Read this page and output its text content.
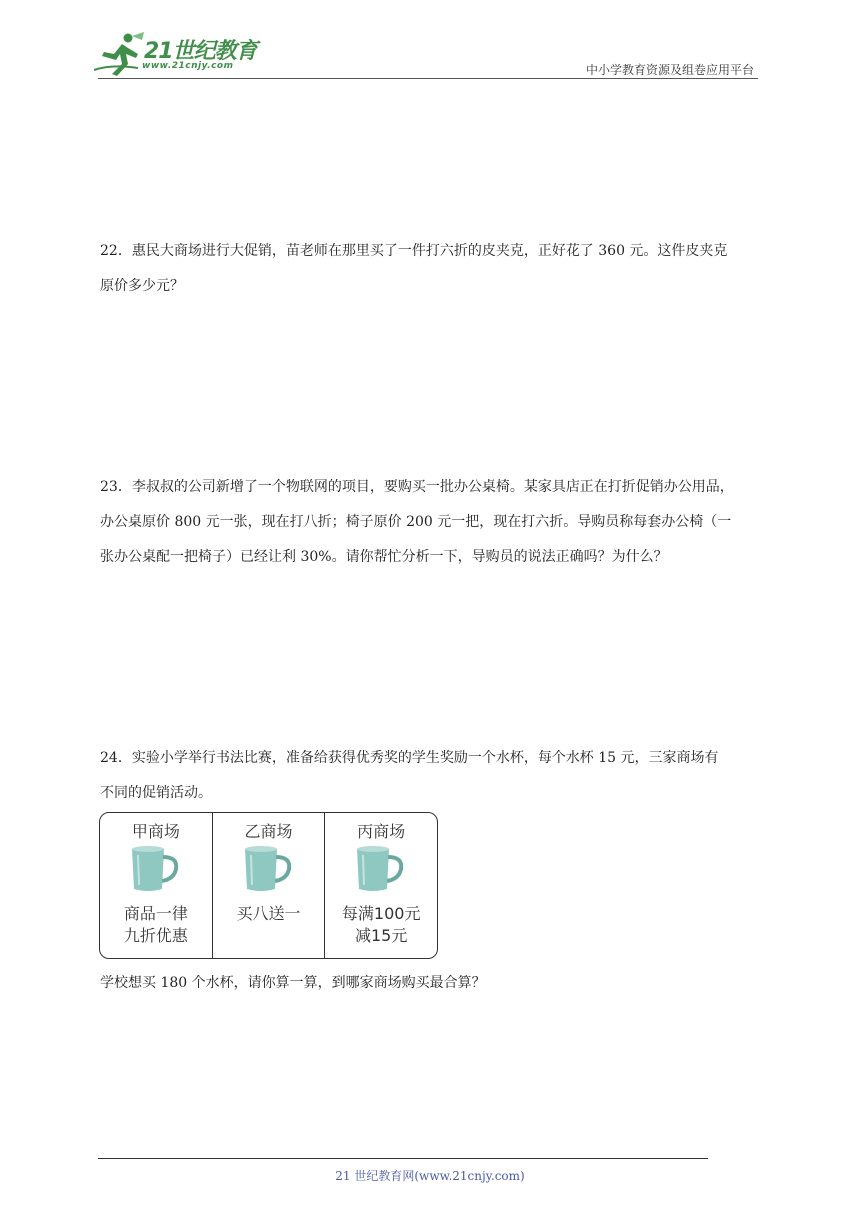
21世纪教育
www.21cnjy.com	中小学教育资源及组卷应用平台

22．惠民大商场进行大促销，苗老师在那里买了一件打六折的皮夹克，正好花了 360 元。这件皮夹克

原价多少元？

23．李叔叔的公司新增了一个物联网的项目，要购买一批办公桌椅。某家具店正在打折促销办公用品，

办公桌原价 800 元一张，现在打八折；椅子原价 200 元一把，现在打六折。导购员称每套办公椅（一

张办公桌配一把椅子）已经让利 30%。请你帮忙分析一下，导购员的说法正确吗？为什么？

24．实验小学举行书法比赛，准备给获得优秀奖的学生奖励一个水杯，每个水杯 15 元，三家商场有

不同的促销活动。

甲商场
商品一律
九折优惠
乙商场
买八送一
丙商场
每满100元
减15元

学校想买 180 个水杯，请你算一算，到哪家商场购买最合算？

21 世纪教育网(www.21cnjy.com)
